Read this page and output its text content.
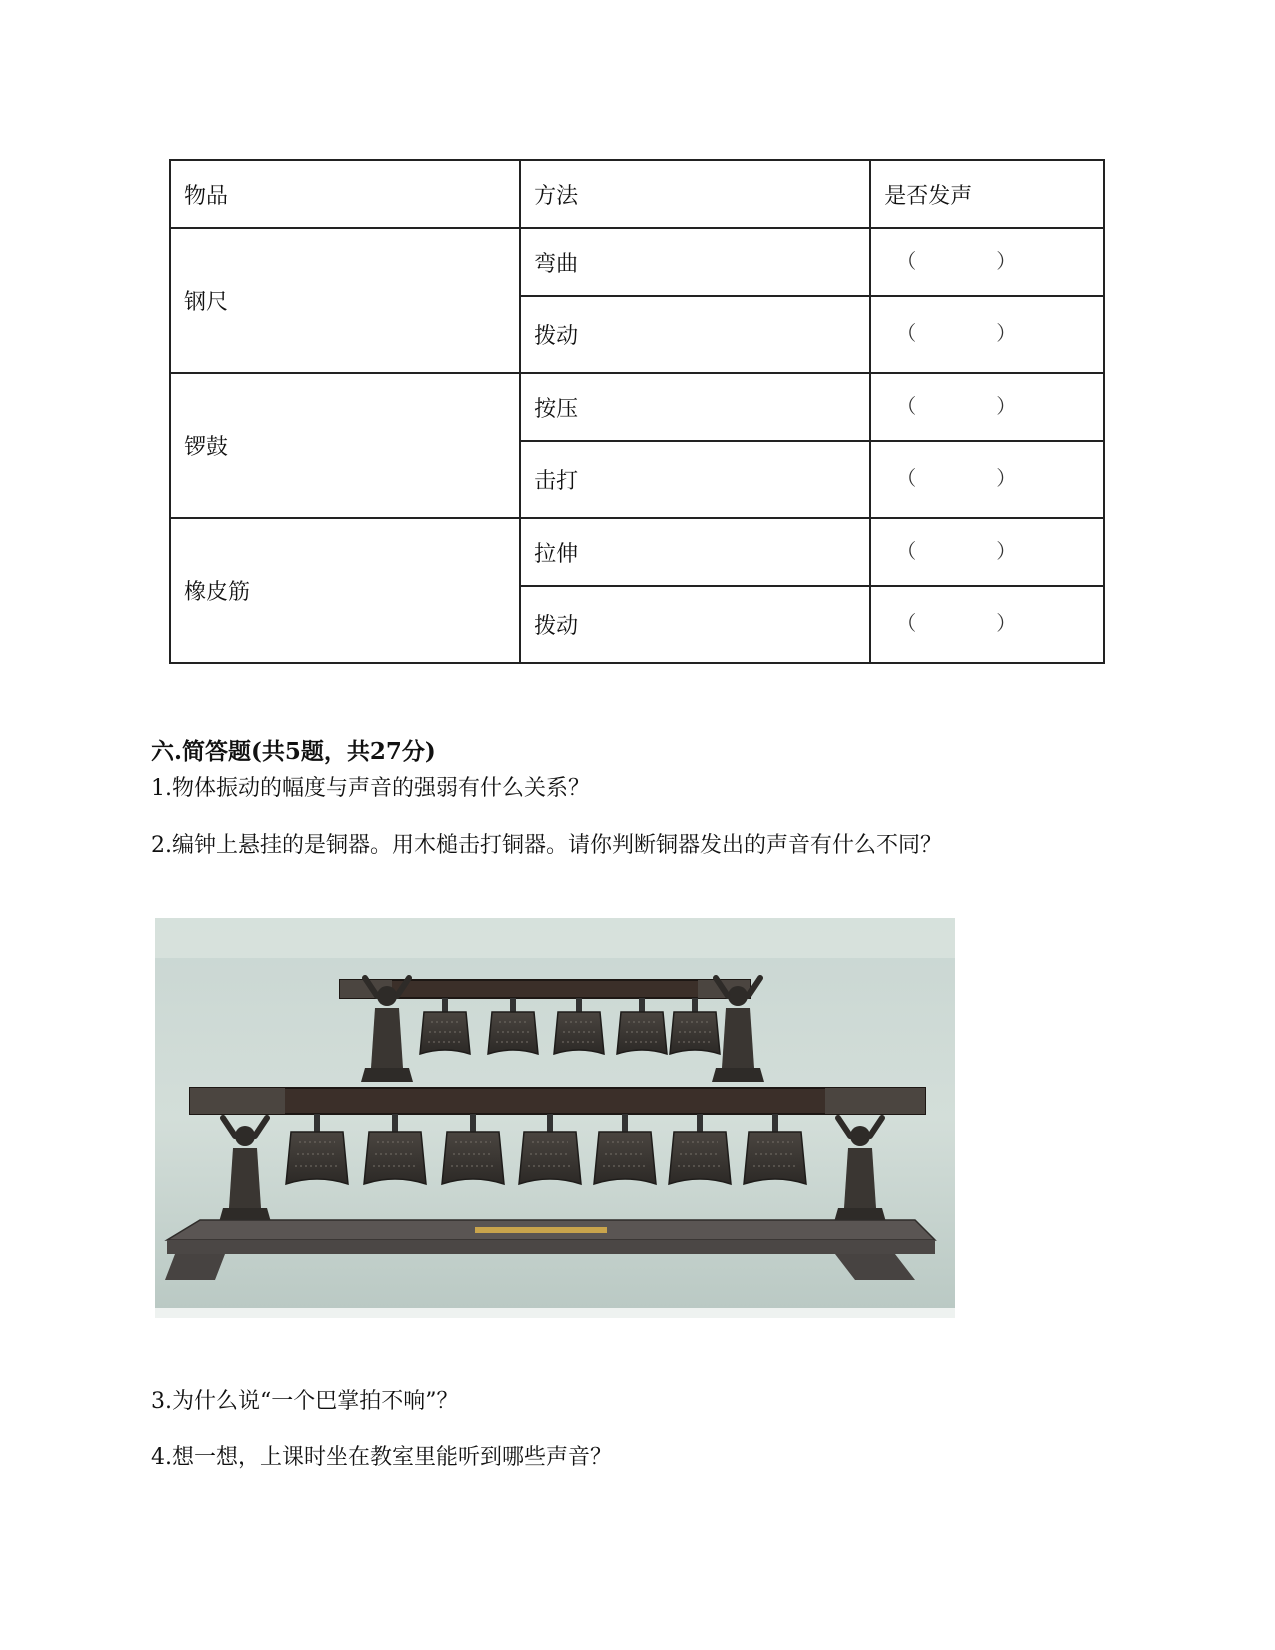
物品	方法	是否发声
钢尺	弯曲	（ ）

	拨动	（ ）

锣鼓	按压	（ ）

	击打	（ ）

橡皮筋	拉伸	（ ）

	拨动	（ ）
六.简答题(共5题，共27分)

1.物体振动的幅度与声音的强弱有什么关系？

2.编钟上悬挂的是铜器。用木槌击打铜器。请你判断铜器发出的声音有什么不同？

3.为什么说“一个巴掌拍不响”？

4.想一想，上课时坐在教室里能听到哪些声音？
